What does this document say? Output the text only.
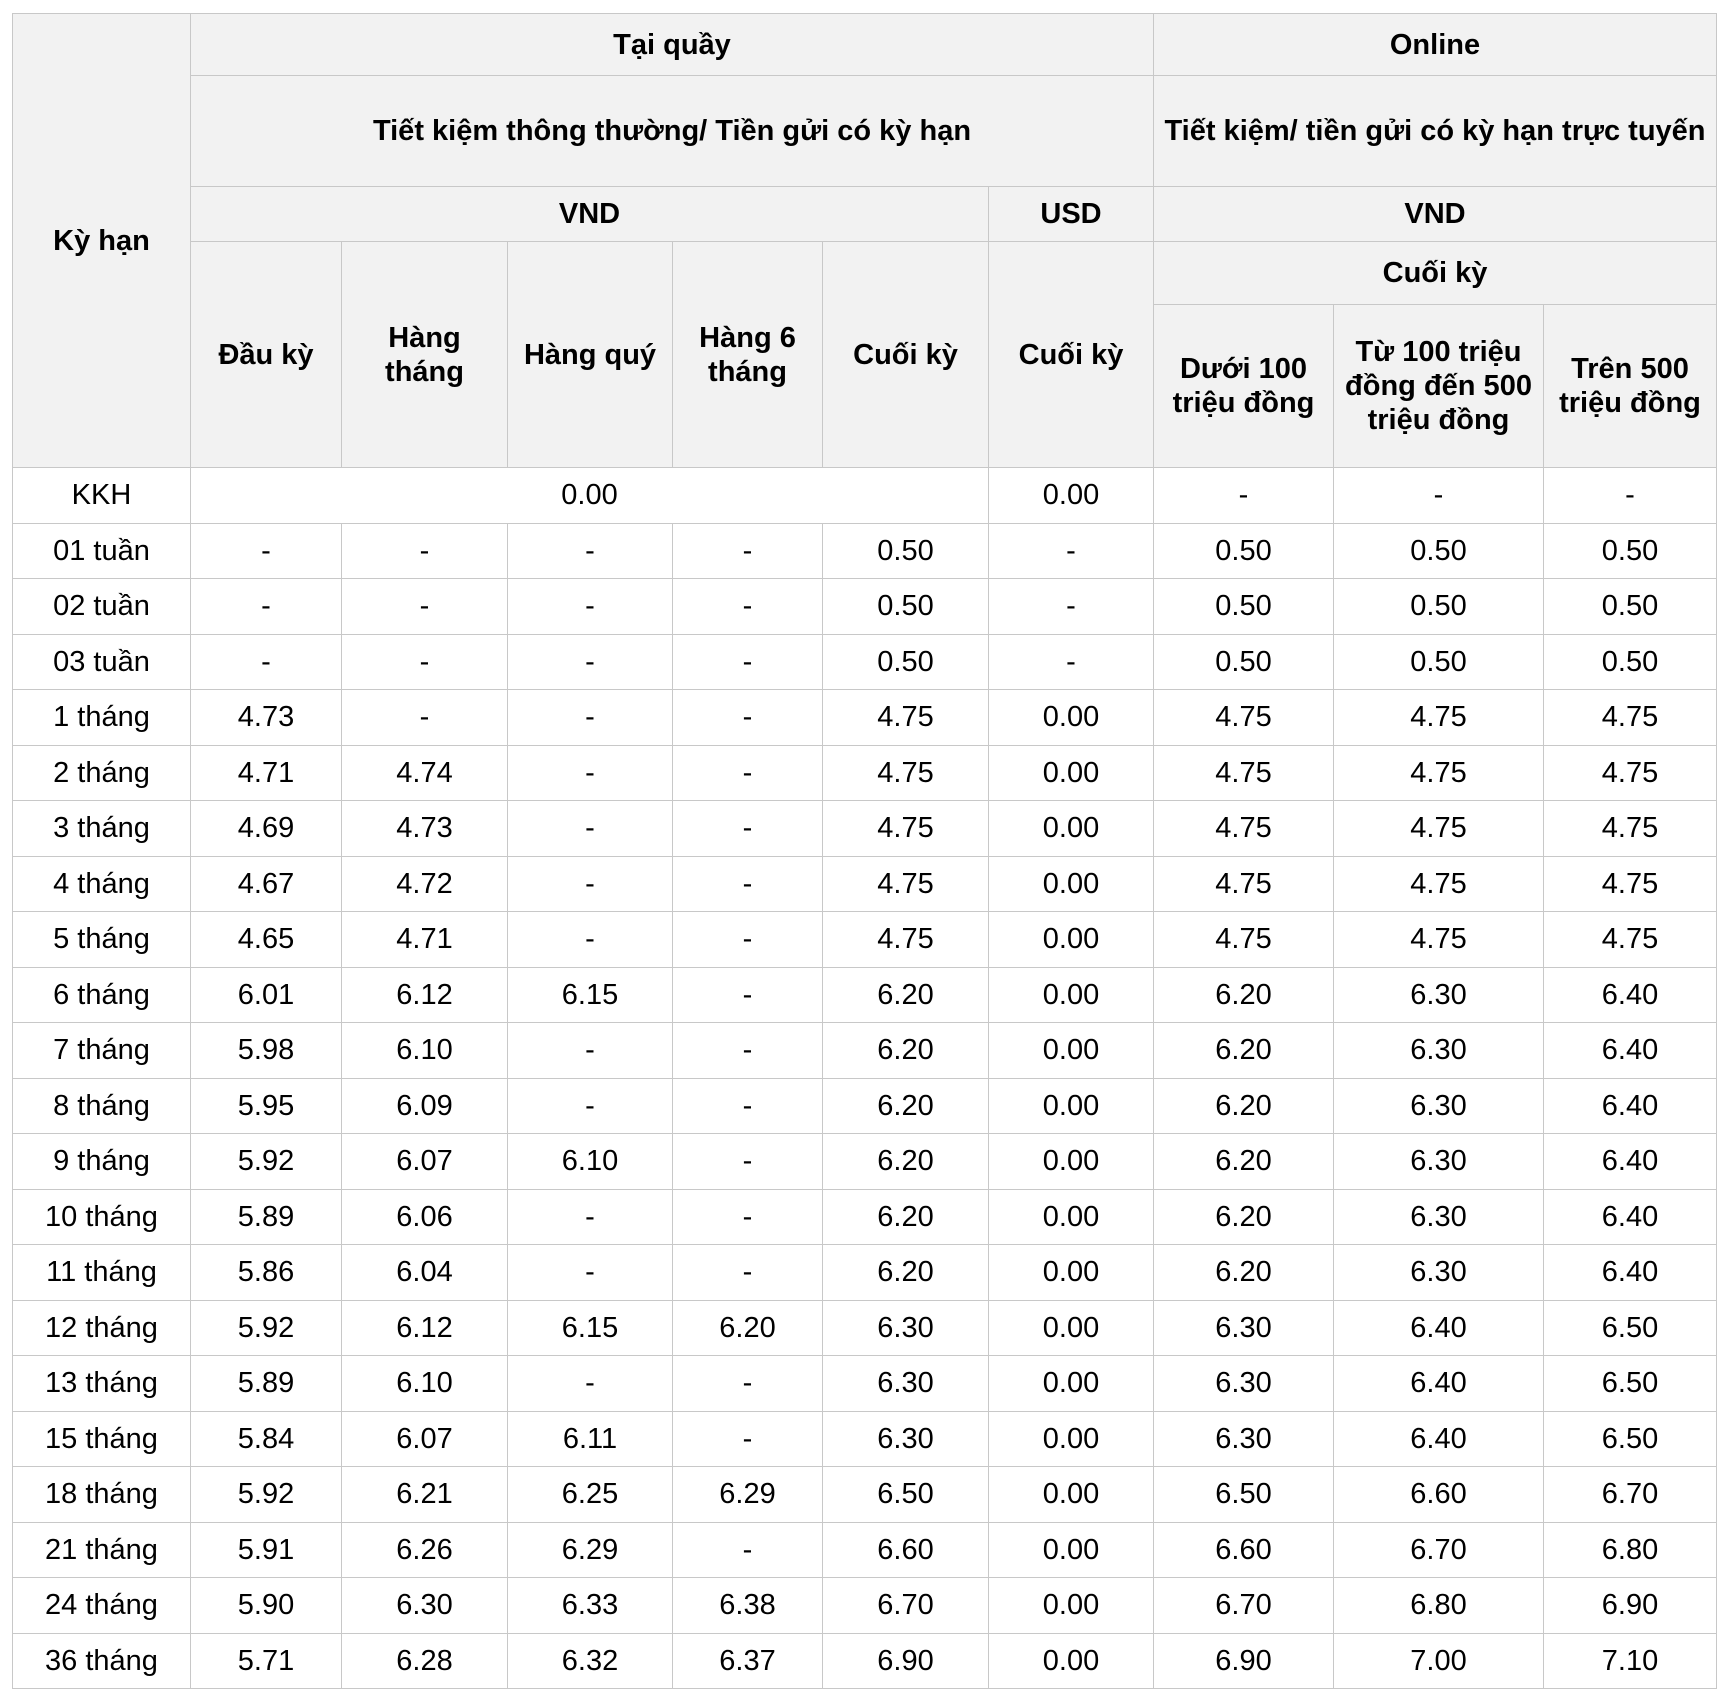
Kỳ hạn	Tại quầy						Online		
	Tiết kiệm thông thường/ Tiền gửi có kỳ hạn						Tiết kiệm/ tiền gửi có kỳ hạn trực tuyến		
	VND					USD	VND		
	Đầu kỳ	Hàng tháng	Hàng quý	Hàng 6 tháng	Cuối kỳ	Cuối kỳ	Cuối kỳ		
							Dưới 100 triệu đồng	Từ 100 triệu đồng đến 500 triệu đồng	Trên 500 triệu đồng
KKH	0.00					0.00	-	-	-
01 tuần	-	-	-	-	0.50	-	0.50	0.50	0.50
02 tuần	-	-	-	-	0.50	-	0.50	0.50	0.50
03 tuần	-	-	-	-	0.50	-	0.50	0.50	0.50
1 tháng	4.73	-	-	-	4.75	0.00	4.75	4.75	4.75
2 tháng	4.71	4.74	-	-	4.75	0.00	4.75	4.75	4.75
3 tháng	4.69	4.73	-	-	4.75	0.00	4.75	4.75	4.75
4 tháng	4.67	4.72	-	-	4.75	0.00	4.75	4.75	4.75
5 tháng	4.65	4.71	-	-	4.75	0.00	4.75	4.75	4.75
6 tháng	6.01	6.12	6.15	-	6.20	0.00	6.20	6.30	6.40
7 tháng	5.98	6.10	-	-	6.20	0.00	6.20	6.30	6.40
8 tháng	5.95	6.09	-	-	6.20	0.00	6.20	6.30	6.40
9 tháng	5.92	6.07	6.10	-	6.20	0.00	6.20	6.30	6.40
10 tháng	5.89	6.06	-	-	6.20	0.00	6.20	6.30	6.40
11 tháng	5.86	6.04	-	-	6.20	0.00	6.20	6.30	6.40
12 tháng	5.92	6.12	6.15	6.20	6.30	0.00	6.30	6.40	6.50
13 tháng	5.89	6.10	-	-	6.30	0.00	6.30	6.40	6.50
15 tháng	5.84	6.07	6.11	-	6.30	0.00	6.30	6.40	6.50
18 tháng	5.92	6.21	6.25	6.29	6.50	0.00	6.50	6.60	6.70
21 tháng	5.91	6.26	6.29	-	6.60	0.00	6.60	6.70	6.80
24 tháng	5.90	6.30	6.33	6.38	6.70	0.00	6.70	6.80	6.90
36 tháng	5.71	6.28	6.32	6.37	6.90	0.00	6.90	7.00	7.10
